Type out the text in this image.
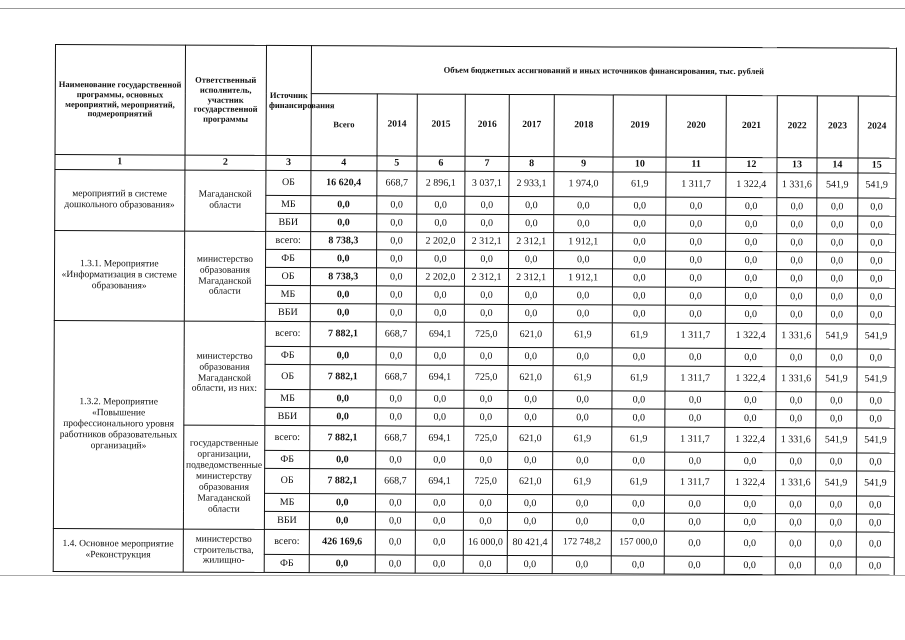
Наименование государственной программы, основных мероприятий, мероприятий, подмероприятий	Ответственный исполнитель, участник государственной программы	Источник финансирования	Объем бюджетных ассигнований и иных источников финансирования, тыс. рублей											
			Всего	2014	2015	2016	2017	2018	2019	2020	2021	2022	2023	2024
1	2	3	4	5	6	7	8	9	10	11	12	13	14	15
мероприятий в системе дошкольного образования»	Магаданской области	ОБ	16 620,4	668,7	2 896,1	3 037,1	2 933,1	1 974,0	61,9	1 311,7	1 322,4	1 331,6	541,9	541,9
		МБ	0,0	0,0	0,0	0,0	0,0	0,0	0,0	0,0	0,0	0,0	0,0	0,0
		ВБИ	0,0	0,0	0,0	0,0	0,0	0,0	0,0	0,0	0,0	0,0	0,0	0,0
1.3.1. Мероприятие «Информатизация в системе образования»	министерство образования Магаданской области	всего:	8 738,3	0,0	2 202,0	2 312,1	2 312,1	1 912,1	0,0	0,0	0,0	0,0	0,0	0,0
		ФБ	0,0	0,0	0,0	0,0	0,0	0,0	0,0	0,0	0,0	0,0	0,0	0,0
		ОБ	8 738,3	0,0	2 202,0	2 312,1	2 312,1	1 912,1	0,0	0,0	0,0	0,0	0,0	0,0
		МБ	0,0	0,0	0,0	0,0	0,0	0,0	0,0	0,0	0,0	0,0	0,0	0,0
		ВБИ	0,0	0,0	0,0	0,0	0,0	0,0	0,0	0,0	0,0	0,0	0,0	0,0
1.3.2. Мероприятие «Повышение профессионального уровня работников образовательных организаций»	министерство образования Магаданской области, из них:	всего:	7 882,1	668,7	694,1	725,0	621,0	61,9	61,9	1 311,7	1 322,4	1 331,6	541,9	541,9
		ФБ	0,0	0,0	0,0	0,0	0,0	0,0	0,0	0,0	0,0	0,0	0,0	0,0
		ОБ	7 882,1	668,7	694,1	725,0	621,0	61,9	61,9	1 311,7	1 322,4	1 331,6	541,9	541,9
		МБ	0,0	0,0	0,0	0,0	0,0	0,0	0,0	0,0	0,0	0,0	0,0	0,0
		ВБИ	0,0	0,0	0,0	0,0	0,0	0,0	0,0	0,0	0,0	0,0	0,0	0,0
	государственные организации, подведомственные министерству образования Магаданской области	всего:	7 882,1	668,7	694,1	725,0	621,0	61,9	61,9	1 311,7	1 322,4	1 331,6	541,9	541,9
		ФБ	0,0	0,0	0,0	0,0	0,0	0,0	0,0	0,0	0,0	0,0	0,0	0,0
		ОБ	7 882,1	668,7	694,1	725,0	621,0	61,9	61,9	1 311,7	1 322,4	1 331,6	541,9	541,9
		МБ	0,0	0,0	0,0	0,0	0,0	0,0	0,0	0,0	0,0	0,0	0,0	0,0
		ВБИ	0,0	0,0	0,0	0,0	0,0	0,0	0,0	0,0	0,0	0,0	0,0	0,0
1.4. Основное мероприятие «Реконструкция	министерство строительства, жилищно-	всего:	426 169,6	0,0	0,0	16 000,0	80 421,4	172 748,2	157 000,0	0,0	0,0	0,0	0,0	0,0
		ФБ	0,0	0,0	0,0	0,0	0,0	0,0	0,0	0,0	0,0	0,0	0,0	0,0
